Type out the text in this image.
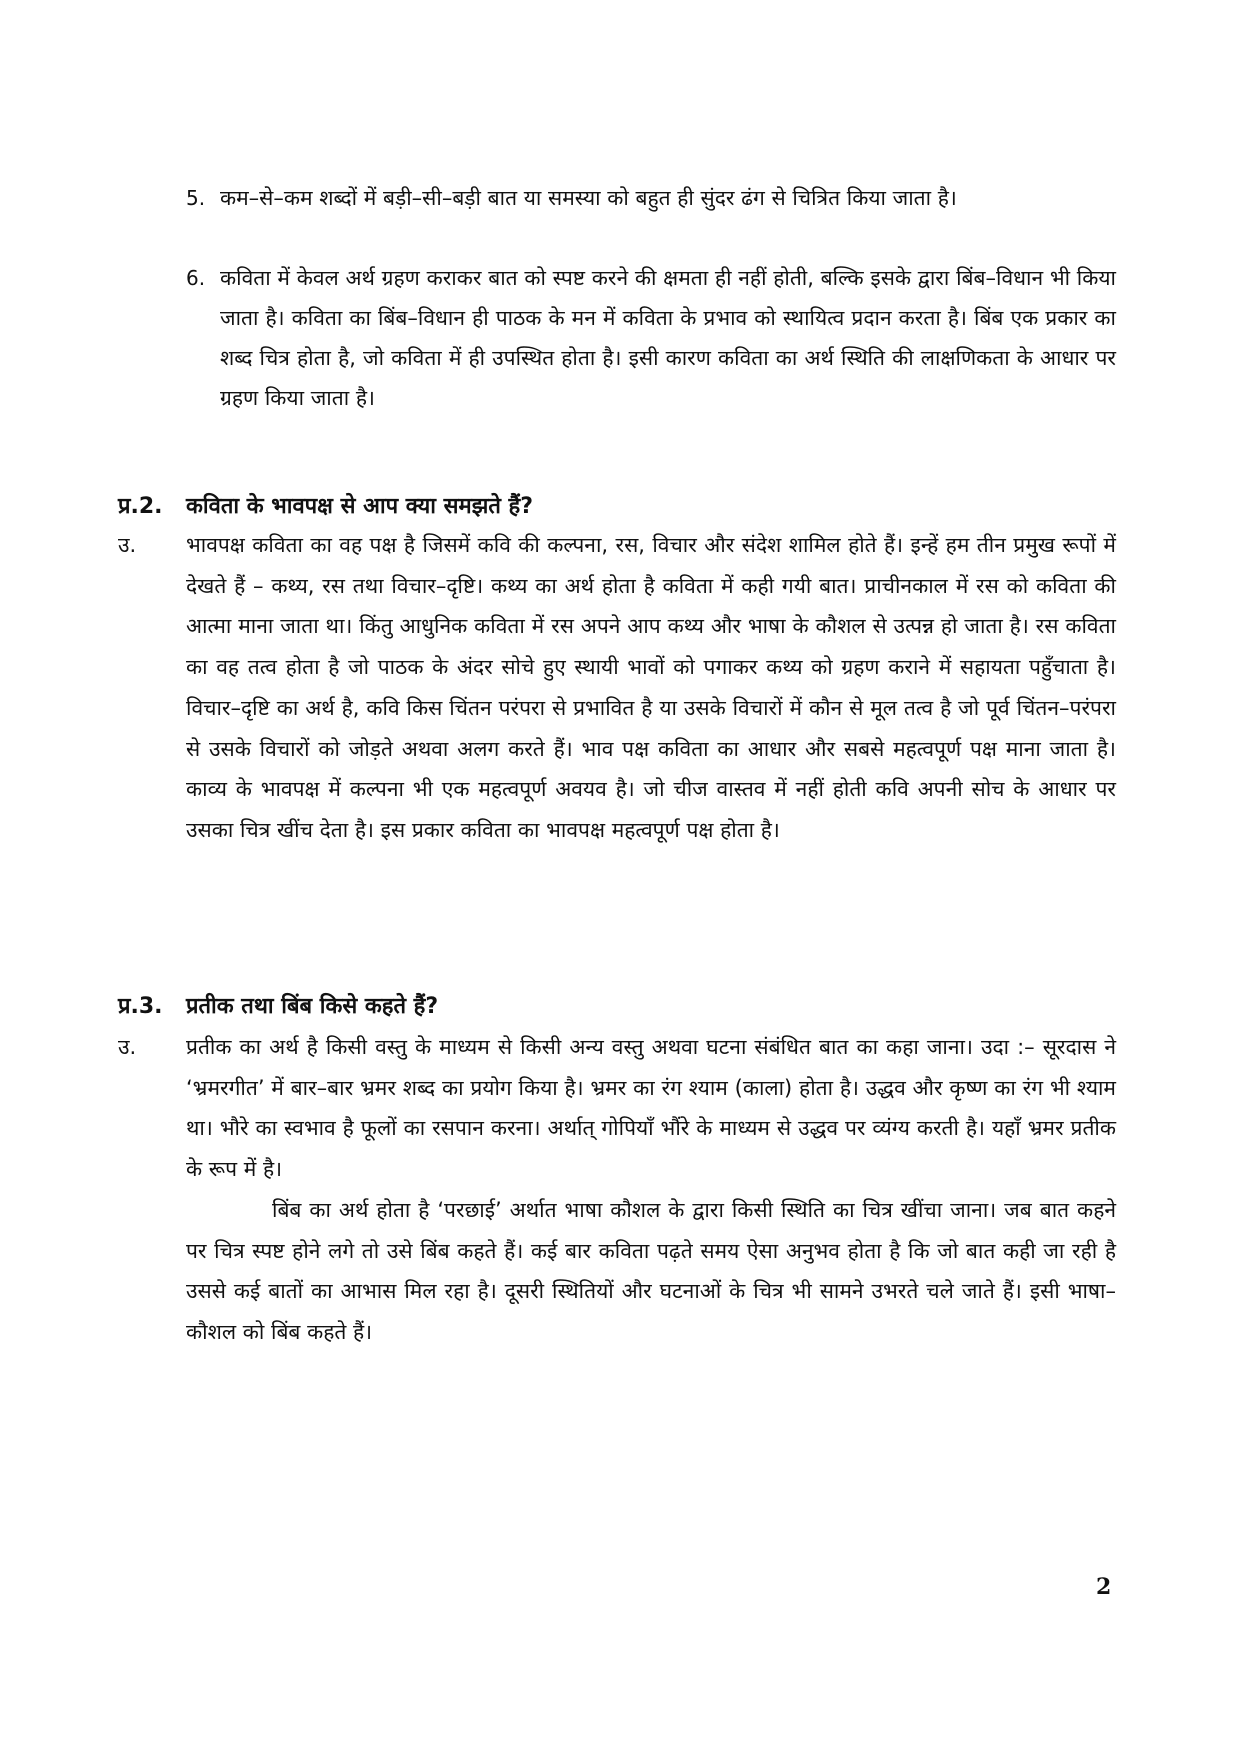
5. कम–से–कम शब्दों में बड़ी–सी–बड़ी बात या समस्या को बहुत ही सुंदर ढंग से चित्रित किया जाता है।
6. कविता में केवल अर्थ ग्रहण कराकर बात को स्पष्ट करने की क्षमता ही नहीं होती, बल्कि इसके द्वारा बिंब–विधान भी किया जाता है। कविता का बिंब–विधान ही पाठक के मन में कविता के प्रभाव को स्थायित्व प्रदान करता है। बिंब एक प्रकार का शब्द चित्र होता है, जो कविता में ही उपस्थित होता है। इसी कारण कविता का अर्थ स्थिति की लाक्षणिकता के आधार पर ग्रहण किया जाता है।
प्र.2.	कविता के भावपक्ष से आप क्या समझते हैं?
उ.	भावपक्ष कविता का वह पक्ष है जिसमें कवि की कल्पना, रस, विचार और संदेश शामिल होते हैं। इन्हें हम तीन प्रमुख रूपों में देखते हैं – कथ्य, रस तथा विचार–दृष्टि। कथ्य का अर्थ होता है कविता में कही गयी बात। प्राचीनकाल में रस को कविता की आत्मा माना जाता था। किंतु आधुनिक कविता में रस अपने आप कथ्य और भाषा के कौशल से उत्पन्न हो जाता है। रस कविता का वह तत्व होता है जो पाठक के अंदर सोचे हुए स्थायी भावों को पगाकर कथ्य को ग्रहण कराने में सहायता पहुँचाता है। विचार–दृष्टि का अर्थ है, कवि किस चिंतन परंपरा से प्रभावित है या उसके विचारों में कौन से मूल तत्व है जो पूर्व चिंतन–परंपरा से उसके विचारों को जोड़ते अथवा अलग करते हैं। भाव पक्ष कविता का आधार और सबसे महत्वपूर्ण पक्ष माना जाता है। काव्य के भावपक्ष में कल्पना भी एक महत्वपूर्ण अवयव है। जो चीज वास्तव में नहीं होती कवि अपनी सोच के आधार पर उसका चित्र खींच देता है। इस प्रकार कविता का भावपक्ष महत्वपूर्ण पक्ष होता है।

प्र.3.	प्रतीक तथा बिंब किसे कहते हैं?
उ.	प्रतीक का अर्थ है किसी वस्तु के माध्यम से किसी अन्य वस्तु अथवा घटना संबंधित बात का कहा जाना। उदा :– सूरदास ने ‘भ्रमरगीत’ में बार–बार भ्रमर शब्द का प्रयोग किया है। भ्रमर का रंग श्याम (काला) होता है। उद्धव और कृष्ण का रंग भी श्याम था। भौरे का स्वभाव है फूलों का रसपान करना। अर्थात् गोपियाँ भौंरे के माध्यम से उद्धव पर व्यंग्य करती है। यहाँ भ्रमर प्रतीक के रूप में है।

बिंब का अर्थ होता है ‘परछाई’ अर्थात भाषा कौशल के द्वारा किसी स्थिति का चित्र खींचा जाना। जब बात कहने पर चित्र स्पष्ट होने लगे तो उसे बिंब कहते हैं। कई बार कविता पढ़ते समय ऐसा अनुभव होता है कि जो बात कही जा रही है उससे कई बातों का आभास मिल रहा है। दूसरी स्थितियों और घटनाओं के चित्र भी सामने उभरते चले जाते हैं। इसी भाषा–कौशल को बिंब कहते हैं।

2
